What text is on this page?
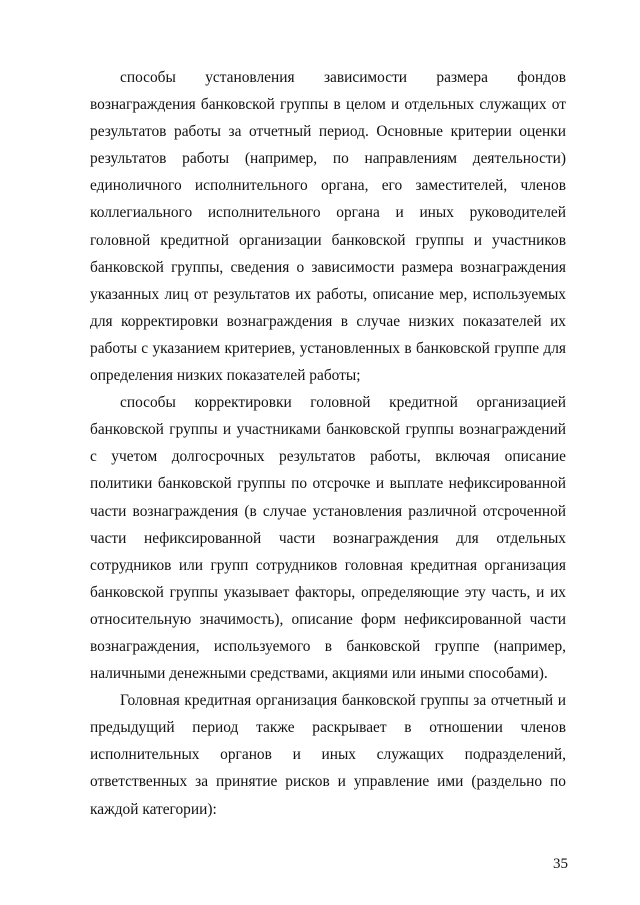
способы установления зависимости размера фондов
вознаграждения банковской группы в целом и отдельных служащих от
результатов работы за отчетный период. Основные критерии оценки
результатов работы (например, по направлениям деятельности)
единоличного исполнительного органа, его заместителей, членов
коллегиального исполнительного органа и иных руководителей
головной кредитной организации банковской группы и участников
банковской группы, сведения о зависимости размера вознаграждения
указанных лиц от результатов их работы, описание мер, используемых
для корректировки вознаграждения в случае низких показателей их
работы с указанием критериев, установленных в банковской группе для
определения низких показателей работы;
способы корректировки головной кредитной организацией
банковской группы и участниками банковской группы вознаграждений
с учетом долгосрочных результатов работы, включая описание
политики банковской группы по отсрочке и выплате нефиксированной
части вознаграждения (в случае установления различной отсроченной
части нефиксированной части вознаграждения для отдельных
сотрудников или групп сотрудников головная кредитная организация
банковской группы указывает факторы, определяющие эту часть, и их
относительную значимость), описание форм нефиксированной части
вознаграждения, используемого в банковской группе (например,
наличными денежными средствами, акциями или иными способами).
Головная кредитная организация банковской группы за отчетный и
предыдущий период также раскрывает в отношении членов
исполнительных органов и иных служащих подразделений,
ответственных за принятие рисков и управление ими (раздельно по
каждой категории):
35
